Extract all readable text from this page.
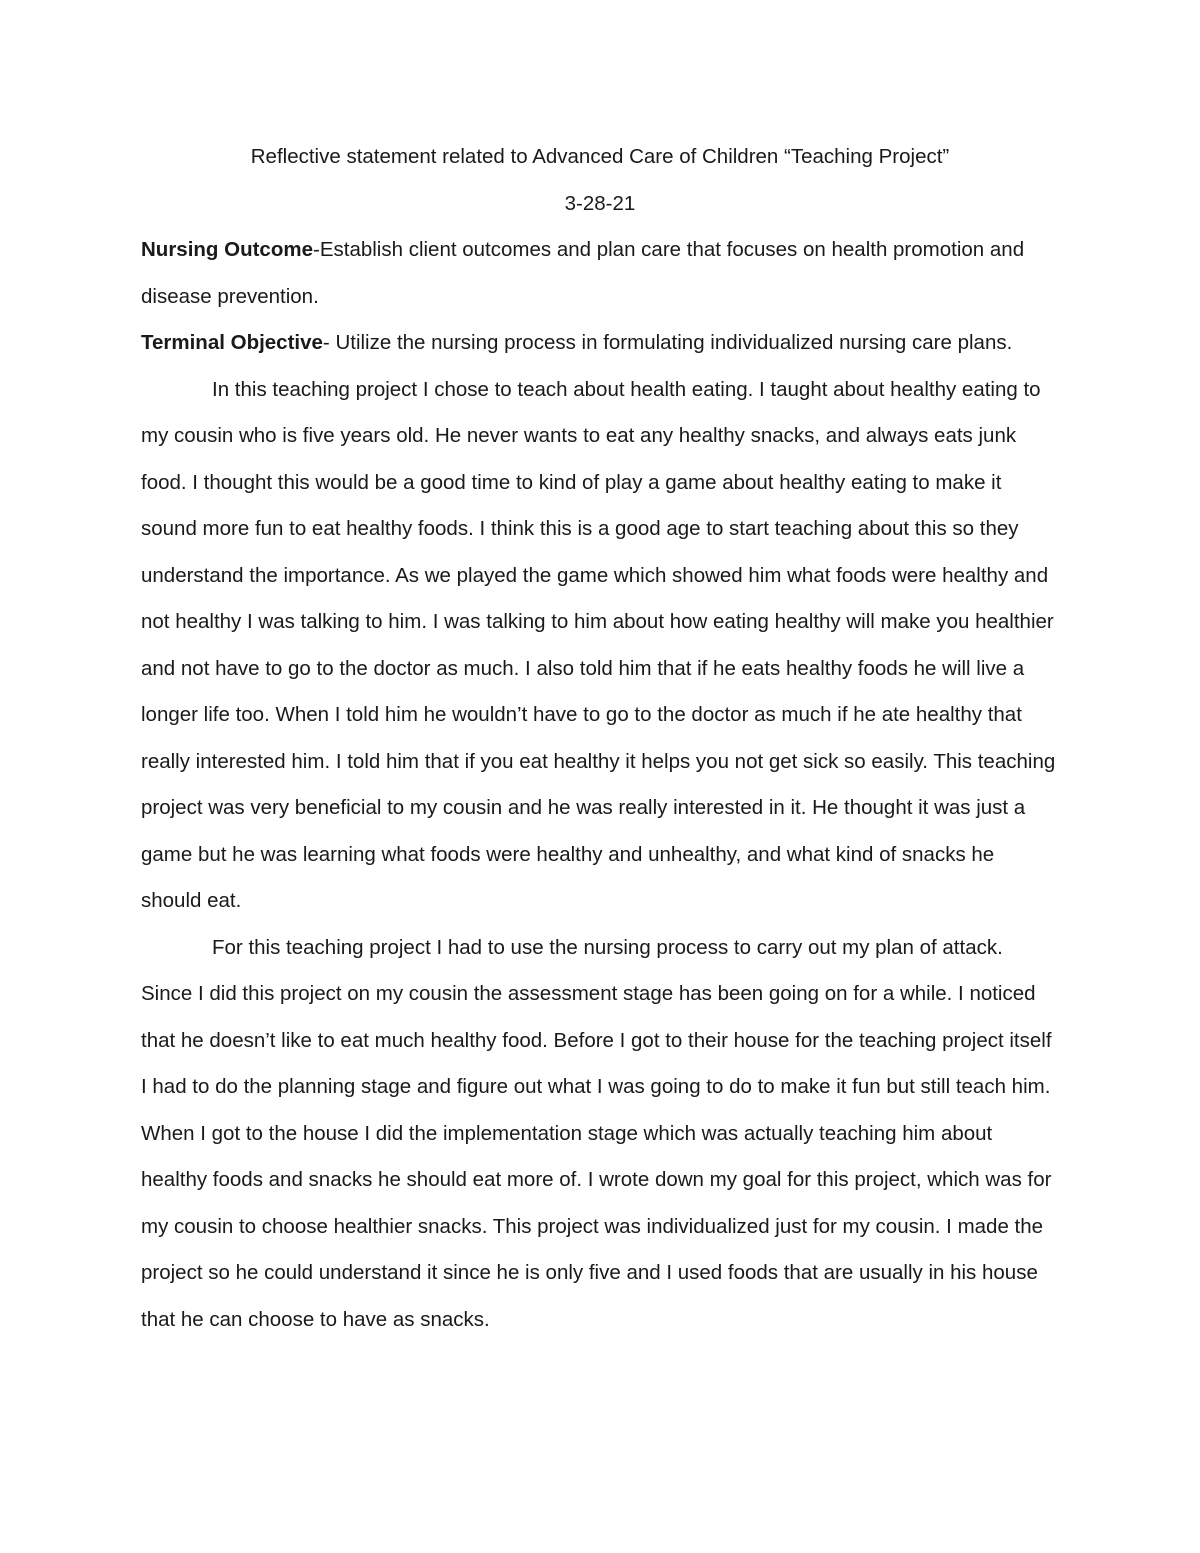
Reflective statement related to Advanced Care of Children “Teaching Project”

3-28-21

Nursing Outcome-Establish client outcomes and plan care that focuses on health promotion and disease prevention.

Terminal Objective- Utilize the nursing process in formulating individualized nursing care plans.

In this teaching project I chose to teach about health eating. I taught about healthy eating to my cousin who is five years old. He never wants to eat any healthy snacks, and always eats junk food. I thought this would be a good time to kind of play a game about healthy eating to make it sound more fun to eat healthy foods. I think this is a good age to start teaching about this so they understand the importance. As we played the game which showed him what foods were healthy and not healthy I was talking to him. I was talking to him about how eating healthy will make you healthier and not have to go to the doctor as much. I also told him that if he eats healthy foods he will live a longer life too. When I told him he wouldn’t have to go to the doctor as much if he ate healthy that really interested him. I told him that if you eat healthy it helps you not get sick so easily. This teaching project was very beneficial to my cousin and he was really interested in it. He thought it was just a game but he was learning what foods were healthy and unhealthy, and what kind of snacks he should eat.

For this teaching project I had to use the nursing process to carry out my plan of attack. Since I did this project on my cousin the assessment stage has been going on for a while. I noticed that he doesn’t like to eat much healthy food. Before I got to their house for the teaching project itself I had to do the planning stage and figure out what I was going to do to make it fun but still teach him. When I got to the house I did the implementation stage which was actually teaching him about healthy foods and snacks he should eat more of. I wrote down my goal for this project, which was for my cousin to choose healthier snacks. This project was individualized just for my cousin. I made the project so he could understand it since he is only five and I used foods that are usually in his house that he can choose to have as snacks.
